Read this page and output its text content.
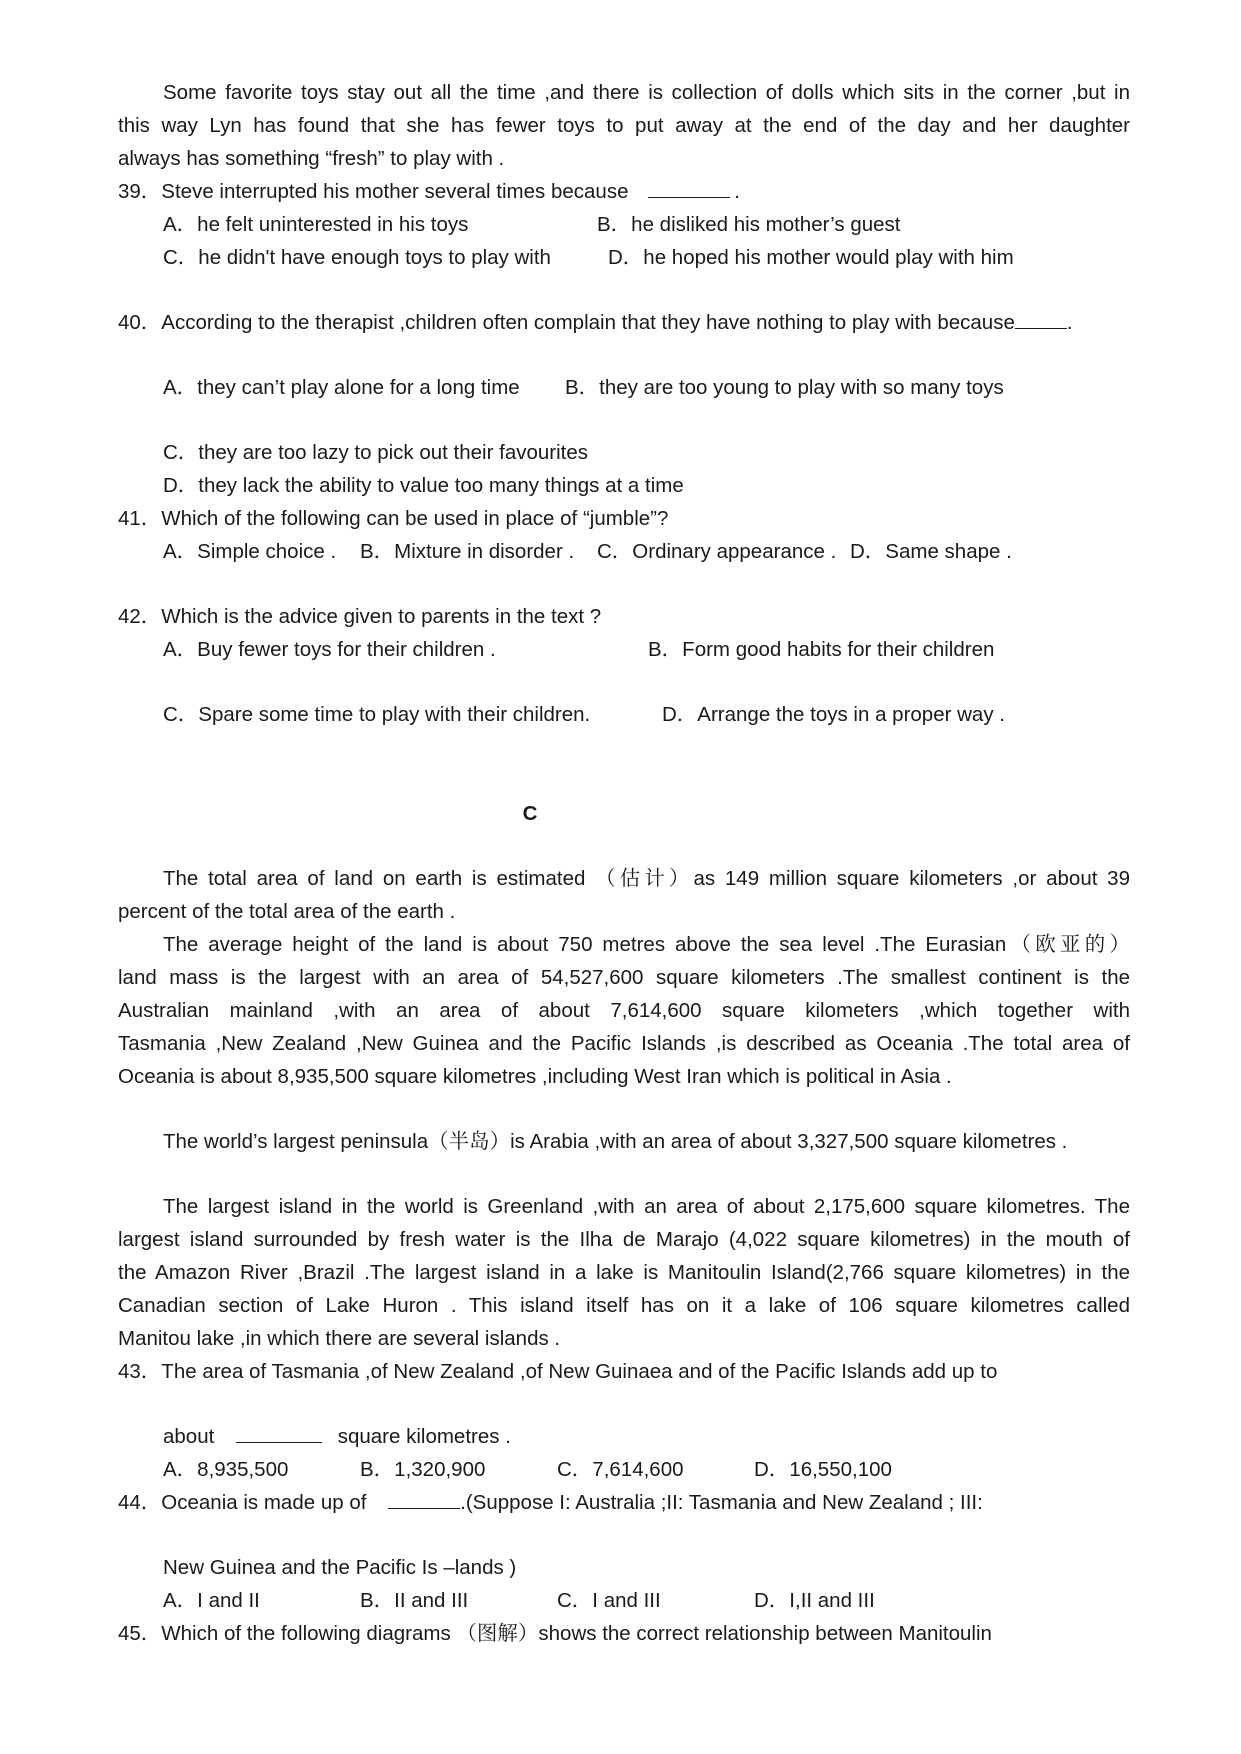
Some favorite toys stay out all the time ,and there is collection of dolls which sits in the corner ,but in
this way Lyn has found that she has fewer toys to put away at the end of the day and her daughter
always has something “fresh” to play with .
39．Steve interrupted his mother several times because	.
A．he felt uninterested in his toys	B．he disliked his mother’s guest
C．he didn't have enough toys to play with	D．he hoped his mother would play with him
40．According to the therapist ,children often complain that they have nothing to play with because	.
A．they can’t play alone for a long time B．they are too young to play with so many toys
C．they are too lazy to pick out their favourites
D．they lack the ability to value too many things at a time
41．Which of the following can be used in place of “jumble”?
A．Simple choice . B．Mixture in disorder . C．Ordinary appearance . D．Same shape .
42．Which is the advice given to parents in the text ?
A．Buy fewer toys for their children .	B．Form good habits for their children
C．Spare some time to play with their children.	D．Arrange the toys in a proper way .
C
The total area of land on earth is estimated （估计）as 149 million square kilometers ,or about 39
percent of the total area of the earth .
The average height of the land is about 750 metres above the sea level .The Eurasian（欧亚的）
land mass is the largest with an area of 54,527,600 square kilometers .The smallest continent is the
Australian mainland ,with an area of about 7,614,600 square kilometers ,which together with
Tasmania ,New Zealand ,New Guinea and the Pacific Islands ,is described as Oceania .The total area of
Oceania is about 8,935,500 square kilometres ,including West Iran which is political in Asia .
The world’s largest peninsula（半岛）is Arabia ,with an area of about 3,327,500 square kilometres .
The largest island in the world is Greenland ,with an area of about 2,175,600 square kilometres. The
largest island surrounded by fresh water is the Ilha de Marajo (4,022 square kilometres) in the mouth of
the Amazon River ,Brazil .The largest island in a lake is Manitoulin Island(2,766 square kilometres) in the
Canadian section of Lake Huron . This island itself has on it a lake of 106 square kilometres called
Manitou lake ,in which there are several islands .
43．The area of Tasmania ,of New Zealand ,of New Guinaea and of the Pacific Islands add up to
about	square kilometres .
A．8,935,500	B．1,320,900	C．7,614,600	D．16,550,100
44．Oceania is made up of	.(Suppose I: Australia ;II: Tasmania and New Zealand ; III:
New Guinea and the Pacific Is –lands )
A．I and II	B．II and III	C．I and III	D．I,II and III
45．Which of the following diagrams （图解）shows the correct relationship between Manitoulin
